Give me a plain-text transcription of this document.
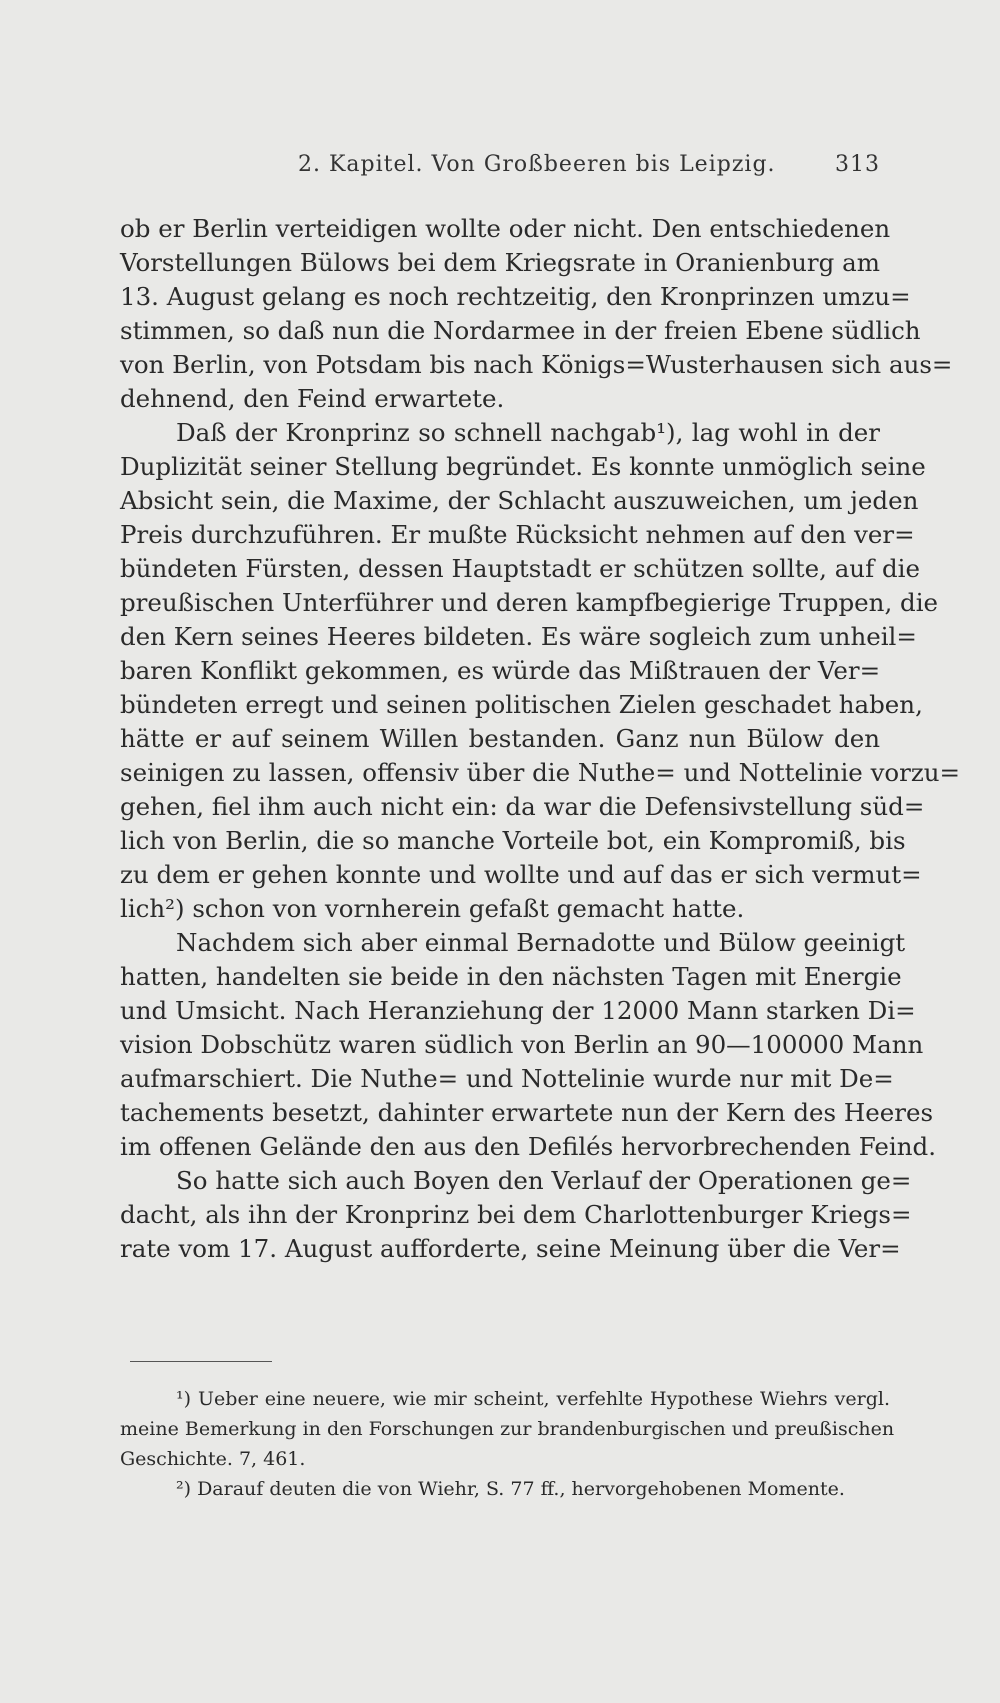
2. Kapitel. Von Großbeeren bis Leipzig.	313
ob er Berlin verteidigen wollte oder nicht. Den entschiedenen
Vorstellungen Bülows bei dem Kriegsrate in Oranienburg am
13. August gelang es noch rechtzeitig, den Kronprinzen umzu=
stimmen, so daß nun die Nordarmee in der freien Ebene südlich
von Berlin, von Potsdam bis nach Königs=Wusterhausen sich aus=
dehnend, den Feind erwartete.
Daß der Kronprinz so schnell nachgab¹), lag wohl in der
Duplizität seiner Stellung begründet. Es konnte unmöglich seine
Absicht sein, die Maxime, der Schlacht auszuweichen, um jeden
Preis durchzuführen. Er mußte Rücksicht nehmen auf den ver=
bündeten Fürsten, dessen Hauptstadt er schützen sollte, auf die
preußischen Unterführer und deren kampfbegierige Truppen, die
den Kern seines Heeres bildeten. Es wäre sogleich zum unheil=
baren Konflikt gekommen, es würde das Mißtrauen der Ver=
bündeten erregt und seinen politischen Zielen geschadet haben,
hätte er auf seinem Willen bestanden. Ganz nun Bülow den
seinigen zu lassen, offensiv über die Nuthe= und Nottelinie vorzu=
gehen, fiel ihm auch nicht ein: da war die Defensivstellung süd=
lich von Berlin, die so manche Vorteile bot, ein Kompromiß, bis
zu dem er gehen konnte und wollte und auf das er sich vermut=
lich²) schon von vornherein gefaßt gemacht hatte.
Nachdem sich aber einmal Bernadotte und Bülow geeinigt
hatten, handelten sie beide in den nächsten Tagen mit Energie
und Umsicht. Nach Heranziehung der 12000 Mann starken Di=
vision Dobschütz waren südlich von Berlin an 90—100000 Mann
aufmarschiert. Die Nuthe= und Nottelinie wurde nur mit De=
tachements besetzt, dahinter erwartete nun der Kern des Heeres
im offenen Gelände den aus den Defilés hervorbrechenden Feind.
So hatte sich auch Boyen den Verlauf der Operationen ge=
dacht, als ihn der Kronprinz bei dem Charlottenburger Kriegs=
rate vom 17. August aufforderte, seine Meinung über die Ver=
¹) Ueber eine neuere, wie mir scheint, verfehlte Hypothese Wiehrs vergl.
meine Bemerkung in den Forschungen zur brandenburgischen und preußischen
Geschichte. 7, 461.
²) Darauf deuten die von Wiehr, S. 77 ff., hervorgehobenen Momente.
